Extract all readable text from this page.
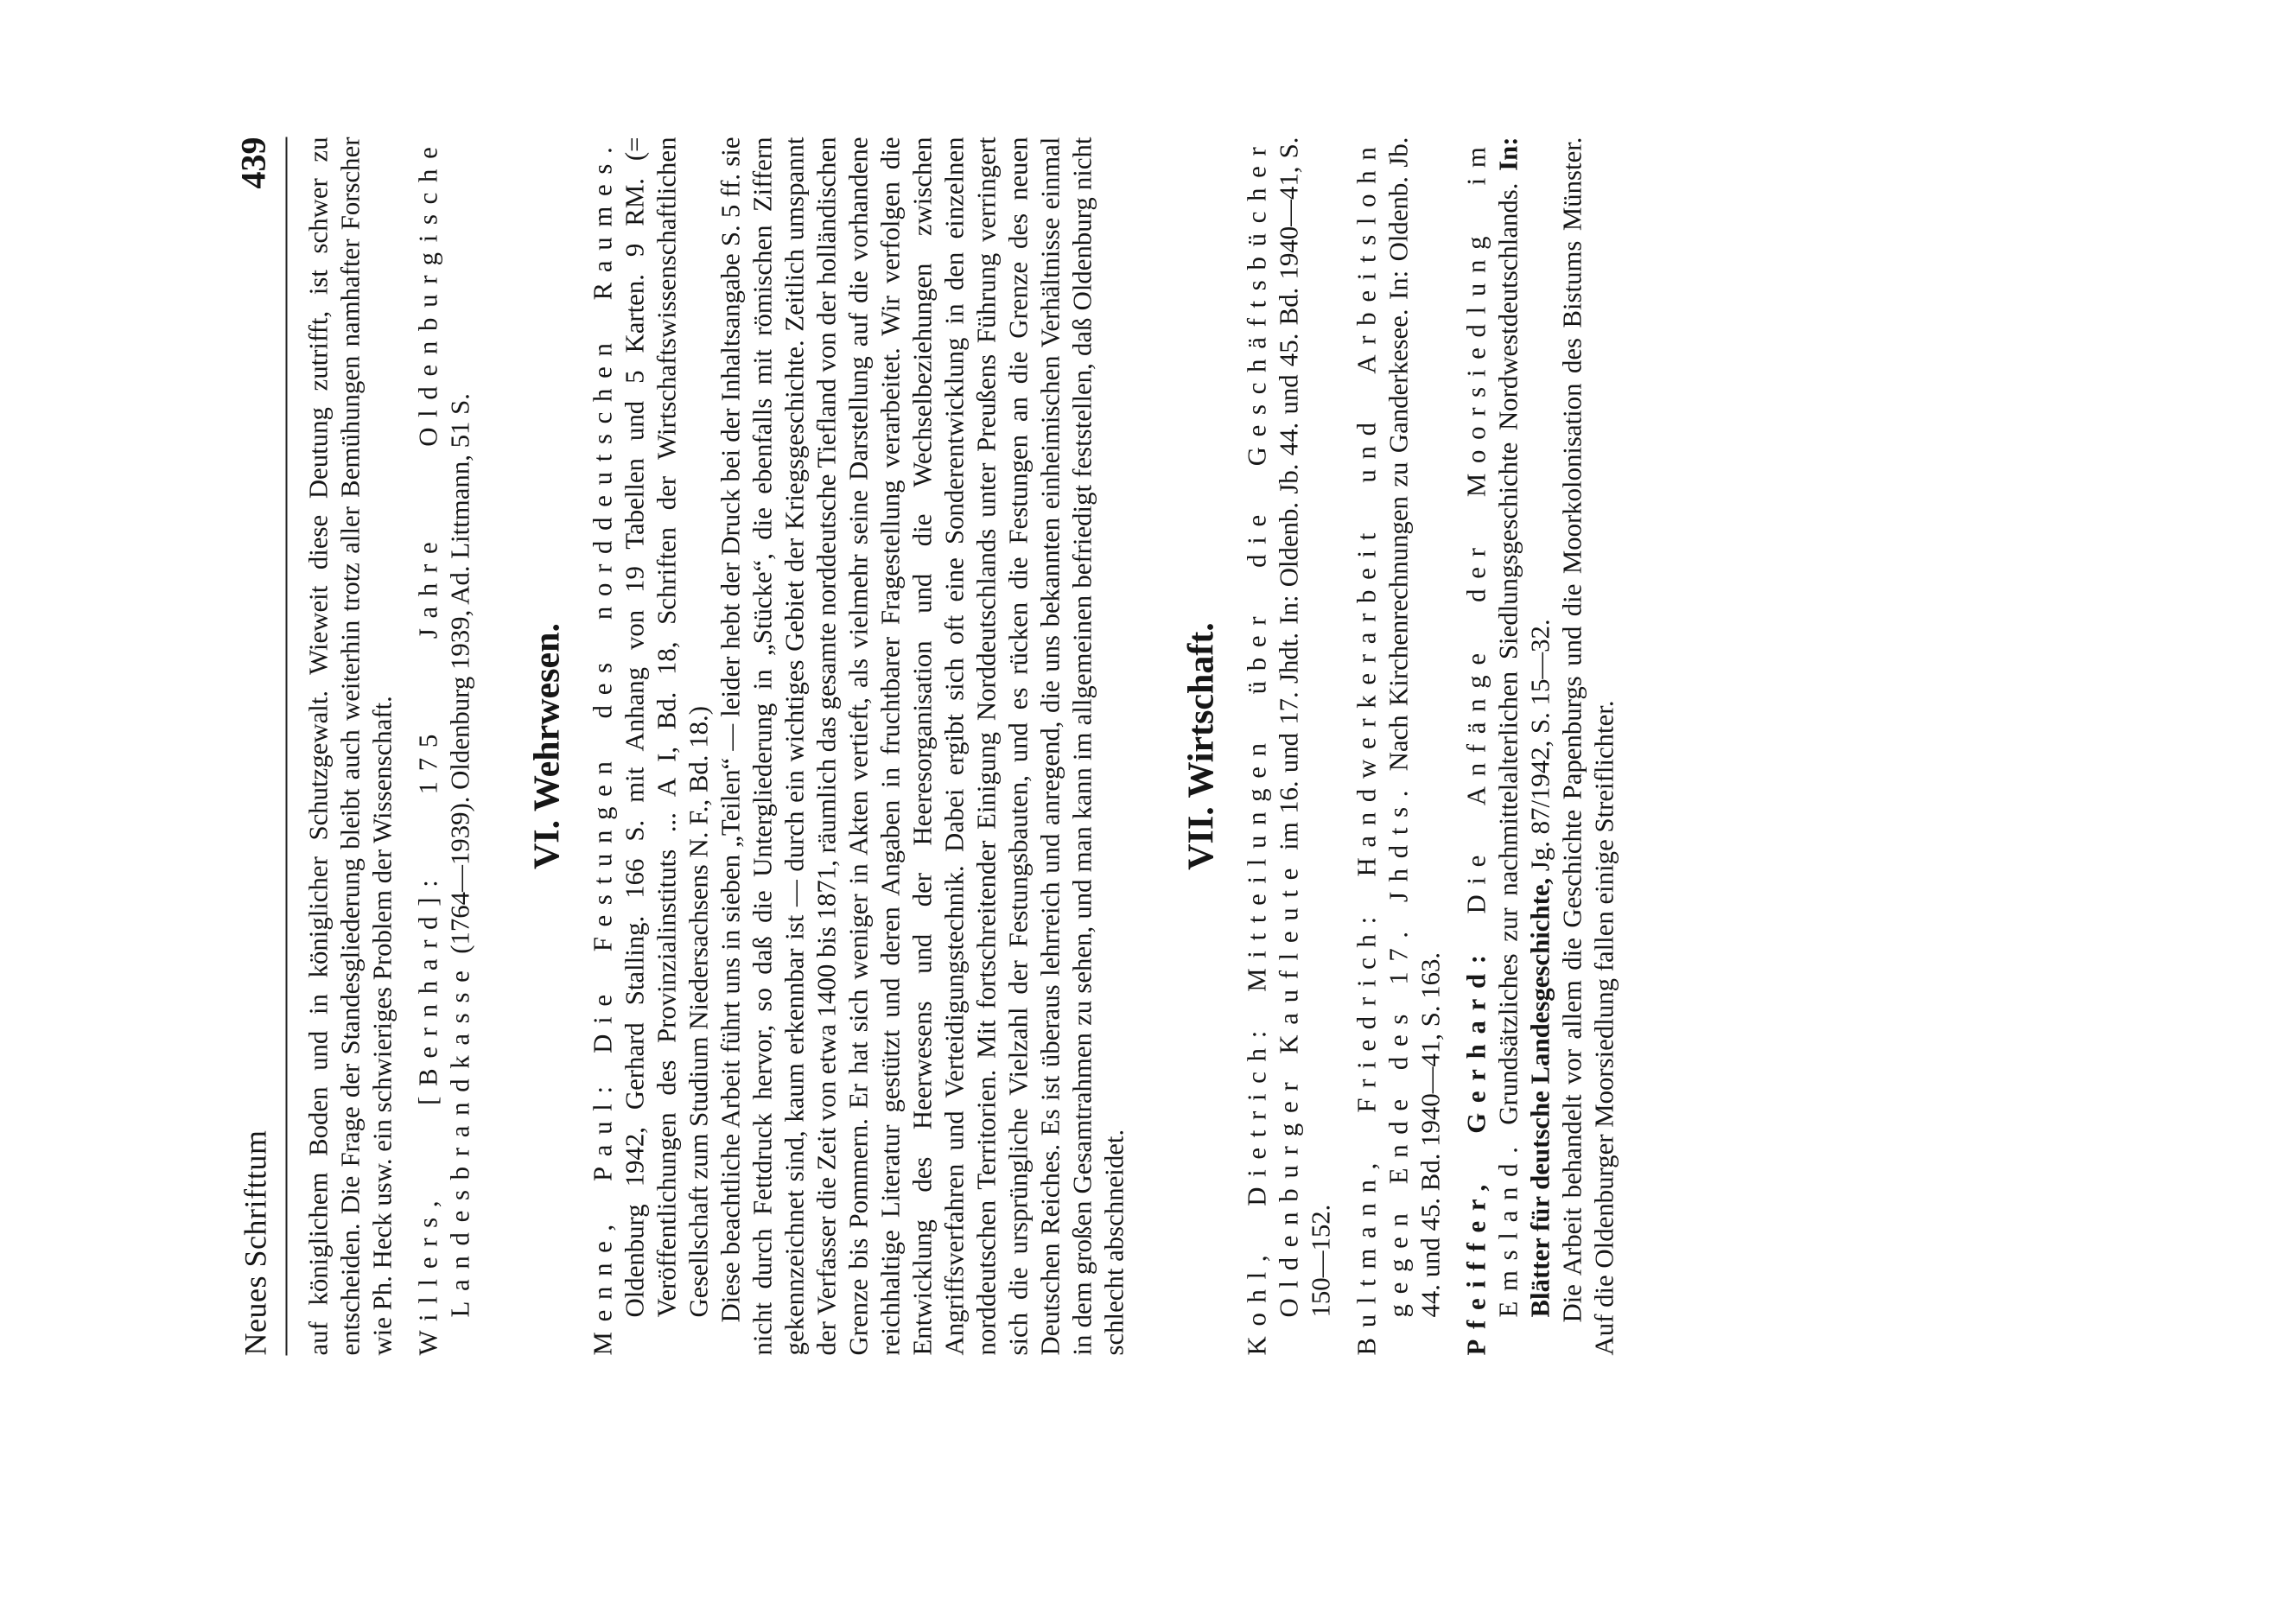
Neues Schrifttum
439 auf königlichem Boden und in königlicher Schutzgewalt. Wieweit diese Deutung zutrifft, ist schwer zu entscheiden. Die Frage der Standesgliederung bleibt auch weiterhin trotz aller Bemühungen namhafter Forscher wie Ph. Heck usw. ein schwieriges Problem der Wissenschaft. Willers, [Bernhard]: 175 Jahre Oldenburgische Landesbrandkasse (1764—1939). Oldenburg 1939, Ad. Littmann, 51 S. VI. Wehrwesen.

Menne, Paul: Die Festungen des norddeutschen Raumes. Oldenburg 1942, Gerhard Stalling. 166 S. mit Anhang von 19 Tabellen und 5 Karten. 9 RM. (= Veröffentlichungen des Provinzialinstituts ... A I, Bd. 18, Schriften der Wirtschaftswissenschaftlichen Gesellschaft zum Studium Niedersachsens N. F., Bd. 18.) Diese beachtliche Arbeit führt uns in sieben „Teilen“ — leider hebt der Druck bei der Inhaltsangabe S. 5 ff. sie nicht durch Fettdruck hervor, so daß die Untergliederung in „Stücke“, die ebenfalls mit römischen Ziffern gekennzeichnet sind, kaum erkennbar ist — durch ein wichtiges Gebiet der Kriegsgeschichte. Zeitlich umspannt der Verfasser die Zeit von etwa 1400 bis 1871, räumlich das gesamte norddeutsche Tiefland von der holländischen Grenze bis Pommern. Er hat sich weniger in Akten vertieft, als vielmehr seine Darstellung auf die vorhandene reichhaltige Literatur gestützt und deren Angaben in fruchtbarer Fragestellung verarbeitet. Wir verfolgen die Entwicklung des Heerwesens und der Heeresorganisation und die Wechselbeziehungen zwischen Angriffsverfahren und Verteidigungstechnik. Dabei ergibt sich oft eine Sonderentwicklung in den einzelnen norddeutschen Territorien. Mit fortschreitender Einigung Norddeutschlands unter Preußens Führung verringert sich die ursprüngliche Vielzahl der Festungsbauten, und es rücken die Festungen an die Grenze des neuen Deutschen Reiches. Es ist überaus lehrreich und anregend, die uns bekannten einheimischen Verhältnisse einmal in dem großen Gesamtrahmen zu sehen, und man kann im allgemeinen befriedigt feststellen, daß Oldenburg nicht schlecht abschneidet.

VII. Wirtschaft.

Kohl, Dietrich: Mitteilungen über die Geschäftsbücher Oldenburger Kaufleute im 16. und 17. Jhdt. In: Oldenb. Jb. 44. und 45. Bd. 1940—41, S. 150—152. Bultmann, Friedrich: Handwerkerarbeit und Arbeitslohn gegen Ende des 17. Jhdts. Nach Kirchenrechnungen zu Ganderkesee. In: Oldenb. Jb. 44. und 45. Bd. 1940—41, S. 163. Pfeiffer, Gerhard: Die Anfänge der Moorsiedlung im Emsland. Grundsätzliches zur nachmittelalterlichen Siedlungsgeschichte Nordwestdeutschlands. In: Blätter für deutsche Landesgeschichte, Jg. 87/1942, S. 15—32. Die Arbeit behandelt vor allem die Geschichte Papenburgs und die Moorkolonisation des Bistums Münster. Auf die Oldenburger Moorsiedlung fallen einige Streiflichter.
